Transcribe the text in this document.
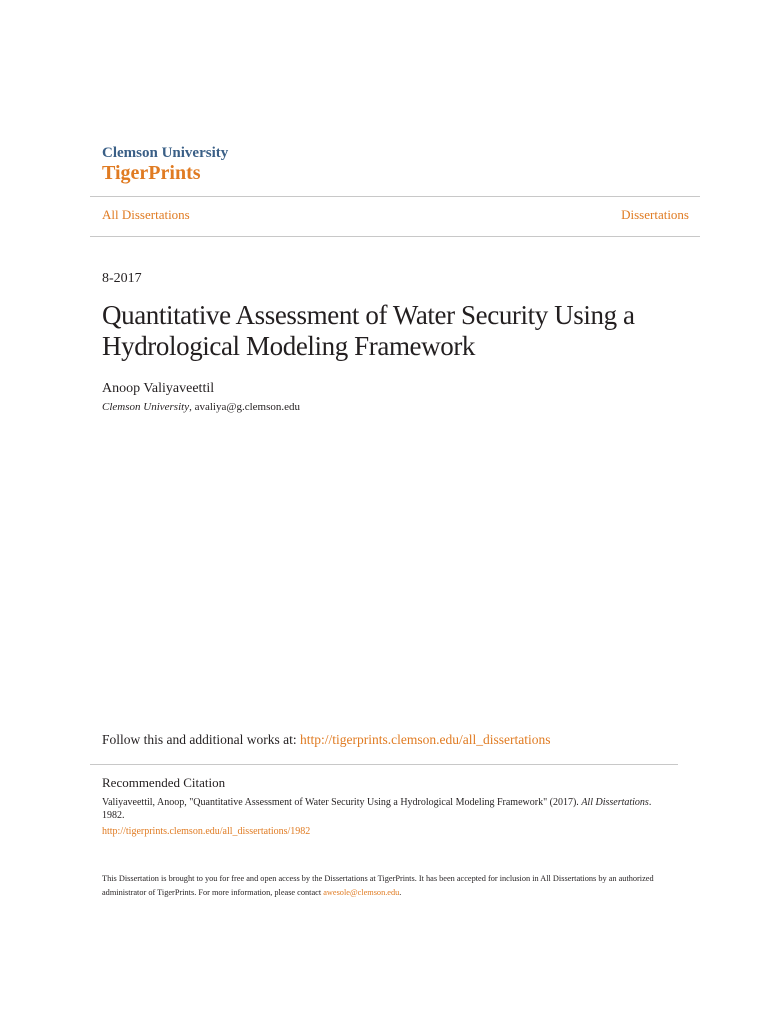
Clemson University
TigerPrints
All Dissertations	Dissertations
8-2017
Quantitative Assessment of Water Security Using a Hydrological Modeling Framework
Anoop Valiyaveettil
Clemson University, avaliya@g.clemson.edu
Follow this and additional works at: http://tigerprints.clemson.edu/all_dissertations
Recommended Citation
Valiyaveettil, Anoop, "Quantitative Assessment of Water Security Using a Hydrological Modeling Framework" (2017). All Dissertations. 1982.
http://tigerprints.clemson.edu/all_dissertations/1982
This Dissertation is brought to you for free and open access by the Dissertations at TigerPrints. It has been accepted for inclusion in All Dissertations by an authorized administrator of TigerPrints. For more information, please contact awesole@clemson.edu.
